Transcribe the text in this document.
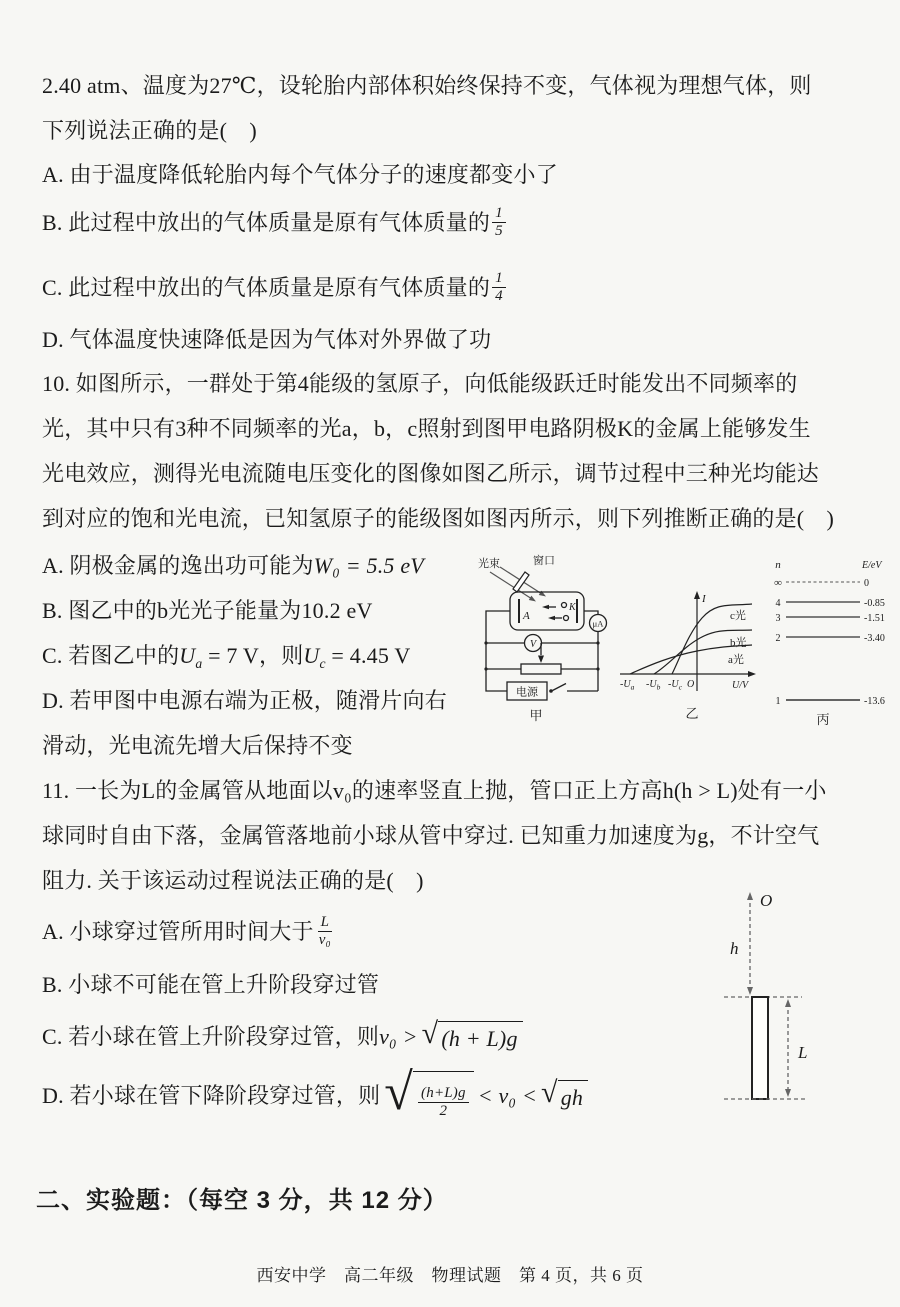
2.40 atm、温度为27℃，设轮胎内部体积始终保持不变，气体视为理想气体，则
下列说法正确的是(　)
A. 由于温度降低轮胎内每个气体分子的速度都变小了
B. 此过程中放出的气体质量是原有气体质量的 $\frac{1}{5}$
C. 此过程中放出的气体质量是原有气体质量的 $\frac{1}{4}$
D. 气体温度快速降低是因为气体对外界做了功
10. 如图所示，一群处于第4能级的氢原子，向低能级跃迁时能发出不同频率的
光，其中只有3种不同频率的光a，b，c照射到图甲电路阴极K的金属上能够发生
光电效应，测得光电流随电压变化的图像如图乙所示，调节过程中三种光均能达
到对应的饱和光电流，已知氢原子的能级图如图丙所示，则下列推断正确的是(　)
A. 阴极金属的逸出功可能为W₀ = 5.5 eV
B. 图乙中的b光光子能量为10.2 eV
C. 若图乙中的$U_a = 7$ V，则$U_c = 4.45$ V
D. 若甲图中电源右端为正极，随滑片向右
滑动，光电流先增大后保持不变
光束	窗口
A
K
μA
V
电源
甲
I
U/V
O
c光
b光
a光
$-U_a$ $-U_b$ $-U_c$
乙
n	E/eV
∞	0
4	-0.85
3	-1.51
2	-3.40
1	-13.6
丙
11. 一长为L的金属管从地面以v₀的速率竖直上抛，管口正上方高h(h > L)处有一小
球同时自由下落，金属管落地前小球从管中穿过. 已知重力加速度为g，不计空气
阻力. 关于该运动过程说法正确的是(　)
A. 小球穿过管所用时间大于 $\frac{L}{\text{v₀}}$
B. 小球不可能在管上升阶段穿过管
C. 若小球在管上升阶段穿过管，则 v₀ > √ (h + L)g
D. 若小球在管下降阶段穿过管，则 √ $\frac{(h+L)g}{2} < v_0$ < √ gh
O
h
L
二、实验题：（每空 3 分，共 12 分）
西安中学　高二年级　物理试题　第 4 页，共 6 页
